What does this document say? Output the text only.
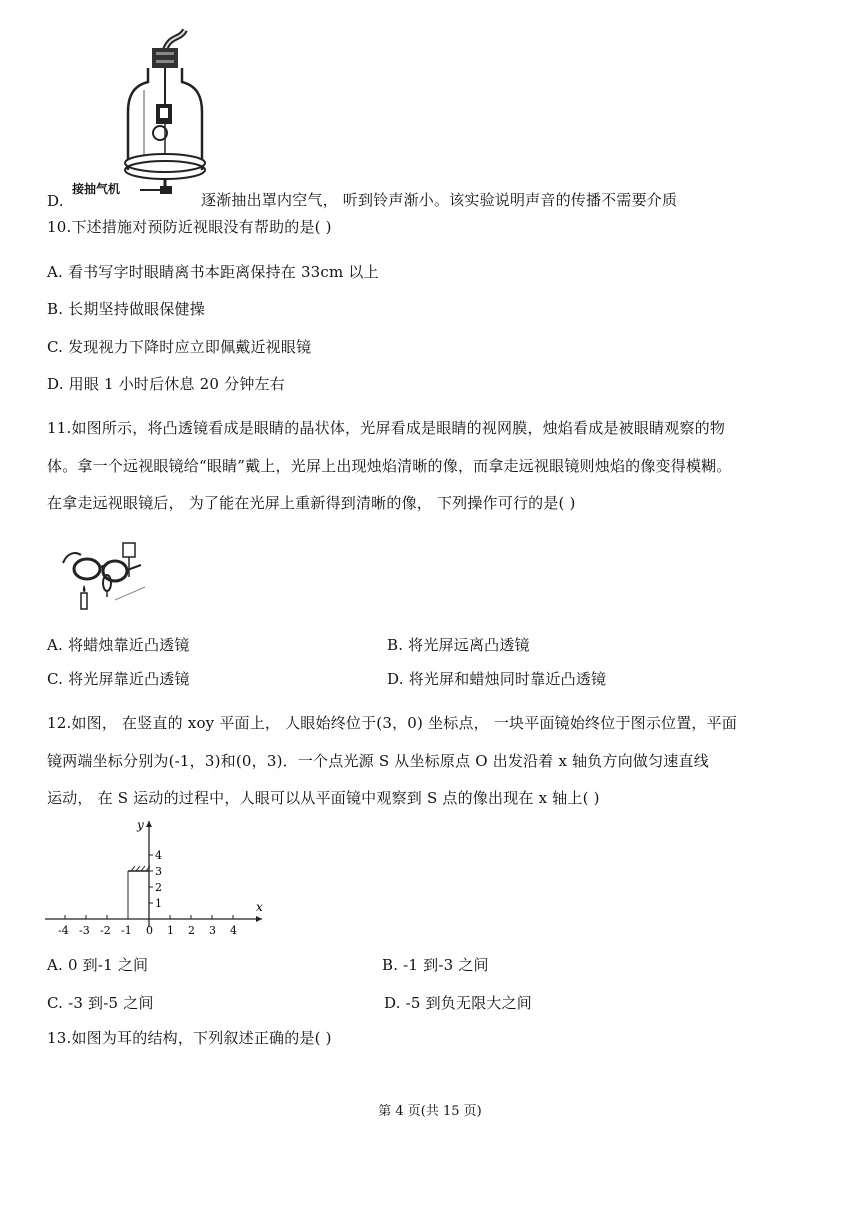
接抽气机
D.	逐渐抽出罩内空气， 听到铃声渐小。该实验说明声音的传播不需要介质
10.下述措施对预防近视眼没有帮助的是( )
A. 看书写字时眼睛离书本距离保持在 33cm 以上
B. 长期坚持做眼保健操
C. 发现视力下降时应立即佩戴近视眼镜
D. 用眼 1 小时后休息 20 分钟左右
11.如图所示，将凸透镜看成是眼睛的晶状体，光屏看成是眼睛的视网膜，烛焰看成是被眼睛观察的物
体。拿一个远视眼镜给“眼睛”戴上，光屏上出现烛焰清晰的像，而拿走远视眼镜则烛焰的像变得模糊。
在拿走远视眼镜后， 为了能在光屏上重新得到清晰的像， 下列操作可行的是( )
A. 将蜡烛靠近凸透镜	B. 将光屏远离凸透镜
C. 将光屏靠近凸透镜	D. 将光屏和蜡烛同时靠近凸透镜
12.如图， 在竖直的 xoy 平面上， 人眼始终位于(3，0) 坐标点， 一块平面镜始终位于图示位置，平面
镜两端坐标分别为(-1，3)和(0，3)．一个点光源 S 从坐标原点 O 出发沿着 x 轴负方向做匀速直线
运动， 在 S 运动的过程中，人眼可以从平面镜中观察到 S 点的像出现在 x 轴上( )
x
y
-4 -3 -2 -1 0 1 2 3 4
1
2
3
4
A. 0 到-1 之间	B. -1 到-3 之间
C. -3 到-5 之间	D. -5 到负无限大之间
13.如图为耳的结构，下列叙述正确的是( )
第 4 页(共 15 页)
